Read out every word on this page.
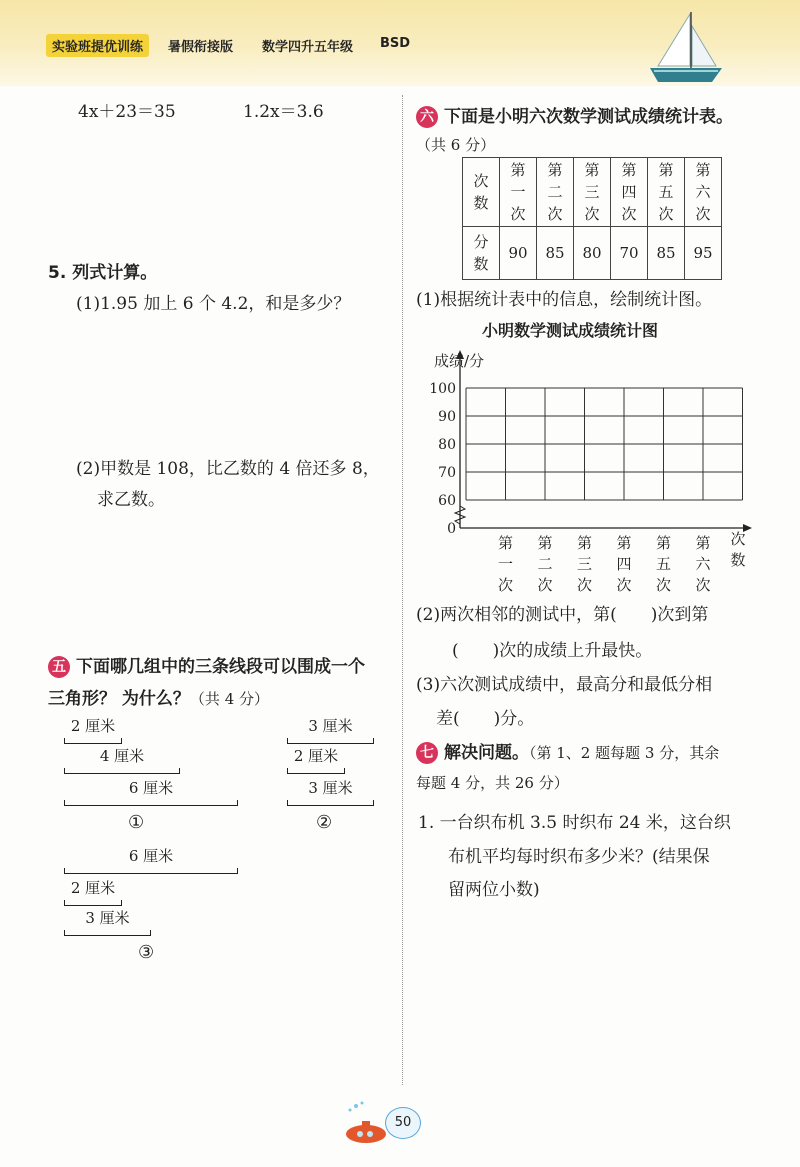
实验班提优训练	暑假衔接版 数学四升五年级 BSD
4x＋23＝35	1.2x＝3.6
5. 列式计算。
(1)1.95 加上 6 个 4.2，和是多少？
(2)甲数是 108，比乙数的 4 倍还多 8，
求乙数。
五 下面哪几组中的三条线段可以围成一个
三角形？ 为什么？（共 4 分）
2 厘米
4 厘米
6 厘米
①
3 厘米
2 厘米
3 厘米
②
6 厘米
2 厘米
3 厘米
③
六 下面是小明六次数学测试成绩统计表。
（共 6 分）
次数	第一次	第二次	第三次	第四次	第五次	第六次
分数	90	85	80	70	85	95
(1)根据统计表中的信息，绘制统计图。
小明数学测试成绩统计图
成绩/分
100
90
80
70
60
0
第一次
第二次
第三次
第四次
第五次
第六次
次数
(2)两次相邻的测试中，第(　　)次到第
(　　)次的成绩上升最快。
(3)六次测试成绩中，最高分和最低分相
差(　　)分。
七 解决问题。（第 1、2 题每题 3 分，其余
每题 4 分，共 26 分）
1. 一台织布机 3.5 时织布 24 米，这台织
布机平均每时织布多少米？(结果保
留两位小数)
50
